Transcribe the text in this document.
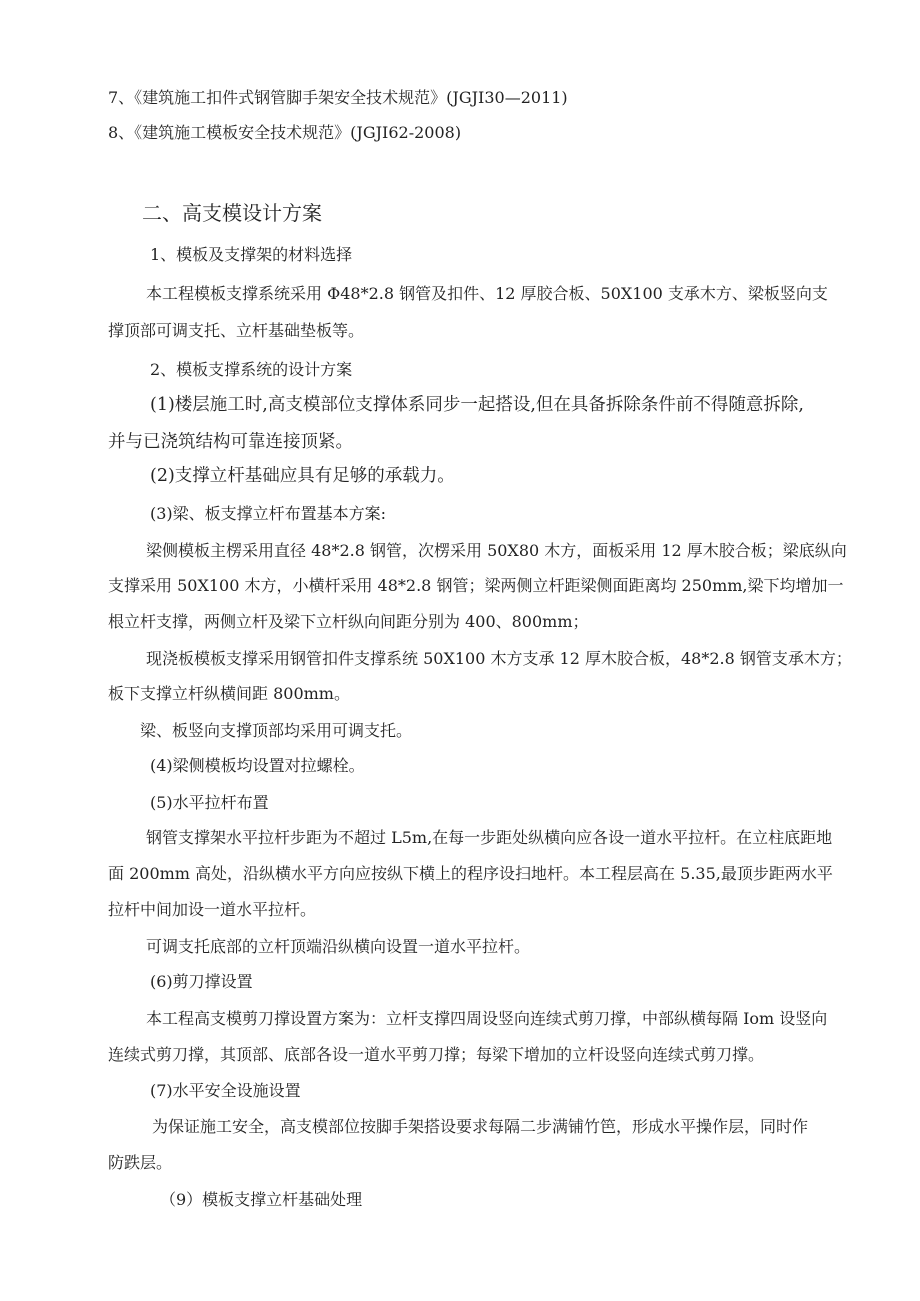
7、《建筑施工扣件式钢管脚手架安全技术规范》(JGJI30—2011)
8、《建筑施工模板安全技术规范》(JGJI62-2008)
二、高支模设计方案
1、模板及支撑架的材料选择
本工程模板支撑系统采用 Φ48*2.8 钢管及扣件、12 厚胶合板、50X100 支承木方、梁板竖向支
撑顶部可调支托、立杆基础垫板等。
2、模板支撑系统的设计方案
(1)楼层施工时,高支模部位支撑体系同步一起搭设,但在具备拆除条件前不得随意拆除,
并与已浇筑结构可靠连接顶紧。
(2)支撑立杆基础应具有足够的承载力。
(3)梁、板支撑立杆布置基本方案:
梁侧模板主楞采用直径 48*2.8 钢管，次楞采用 50X80 木方，面板采用 12 厚木胶合板；梁底纵向
支撑采用 50X100 木方，小横杆采用 48*2.8 钢管；梁两侧立杆距梁侧面距离均 250mm,梁下均增加一
根立杆支撑，两侧立杆及梁下立杆纵向间距分别为 400、800mm；
现浇板模板支撑采用钢管扣件支撑系统 50X100 木方支承 12 厚木胶合板，48*2.8 钢管支承木方；
板下支撑立杆纵横间距 800mm。
梁、板竖向支撑顶部均采用可调支托。
(4)梁侧模板均设置对拉螺栓。
(5)水平拉杆布置
钢管支撑架水平拉杆步距为不超过 L5m,在每一步距处纵横向应各设一道水平拉杆。在立柱底距地
面 200mm 高处，沿纵横水平方向应按纵下横上的程序设扫地杆。本工程层高在 5.35,最顶步距两水平
拉杆中间加设一道水平拉杆。
可调支托底部的立杆顶端沿纵横向设置一道水平拉杆。
(6)剪刀撑设置
本工程高支模剪刀撑设置方案为：立杆支撑四周设竖向连续式剪刀撑，中部纵横每隔 Iom 设竖向
连续式剪刀撑，其顶部、底部各设一道水平剪刀撑；每梁下增加的立杆设竖向连续式剪刀撑。
(7)水平安全设施设置
为保证施工安全，高支模部位按脚手架搭设要求每隔二步满铺竹笆，形成水平操作层，同时作
防跌层。
（9）模板支撑立杆基础处理
